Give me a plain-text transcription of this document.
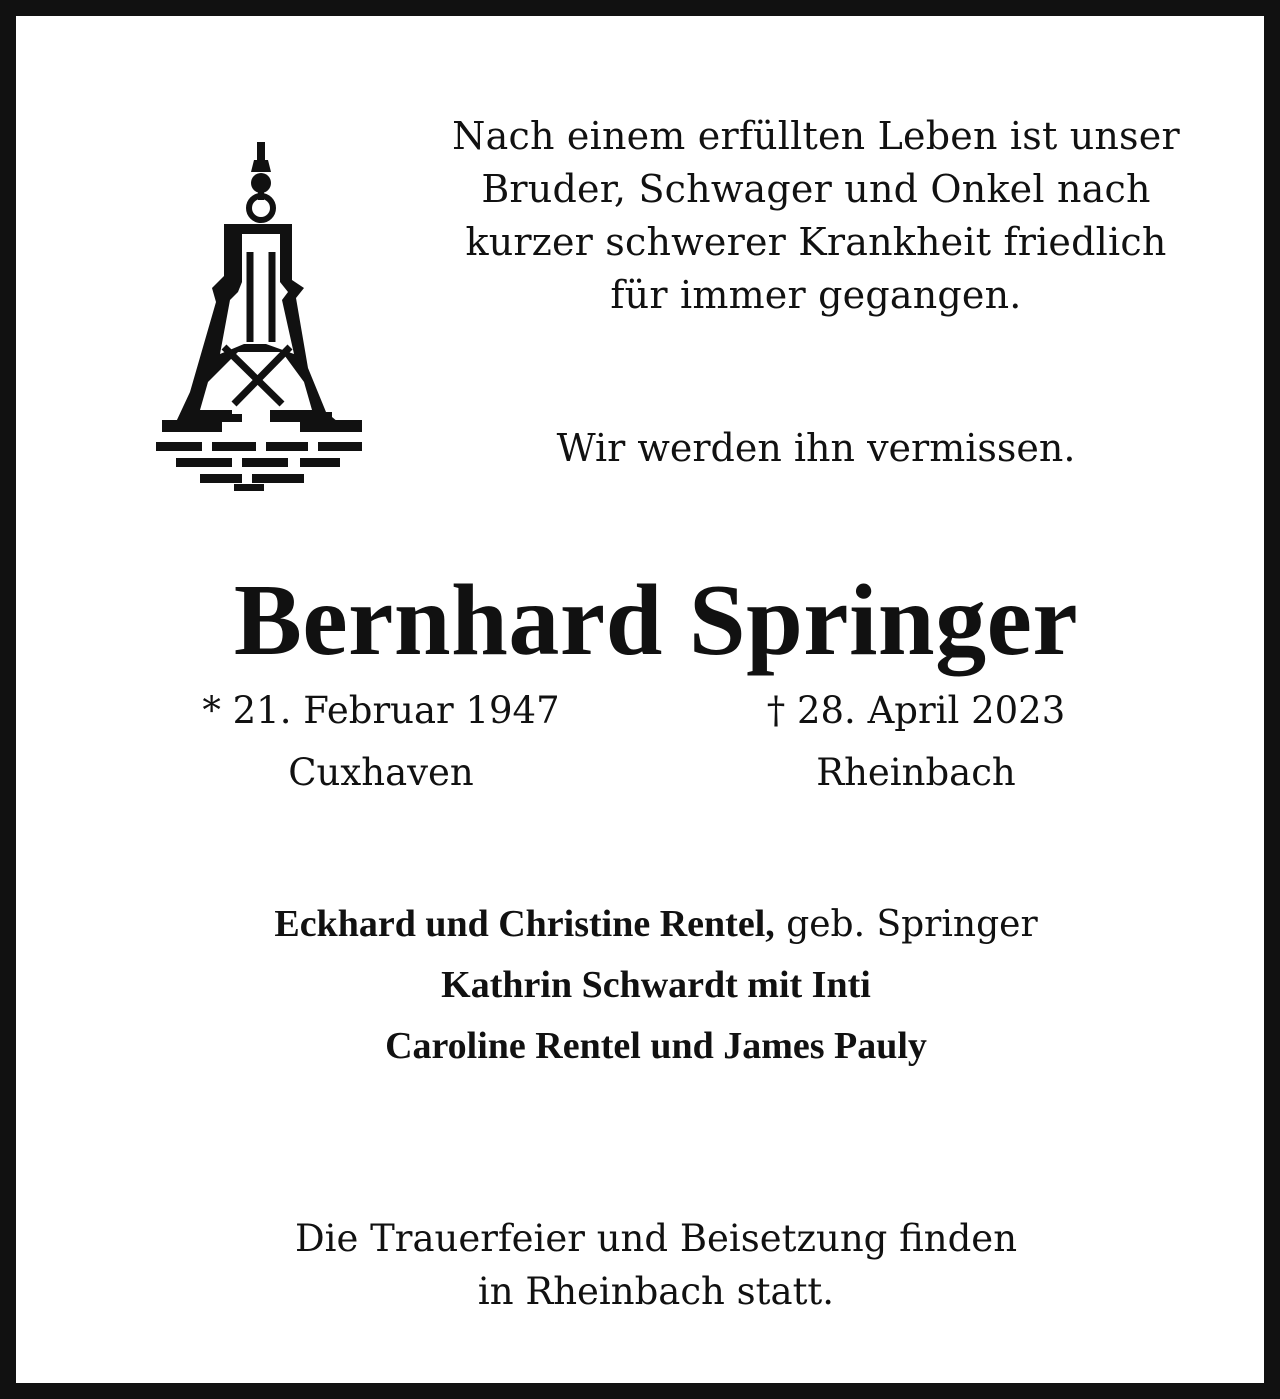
Nach einem erfüllten Leben ist unser
Bruder, Schwager und Onkel nach
kurzer schwerer Krankheit friedlich
für immer gegangen.
Wir werden ihn vermissen.
Bernhard Springer
* 21. Februar 1947	† 28. April 2023
Cuxhaven	Rheinbach
Eckhard und Christine Rentel, geb. Springer
Kathrin Schwardt mit Inti
Caroline Rentel und James Pauly
Die Trauerfeier und Beisetzung finden
in Rheinbach statt.
